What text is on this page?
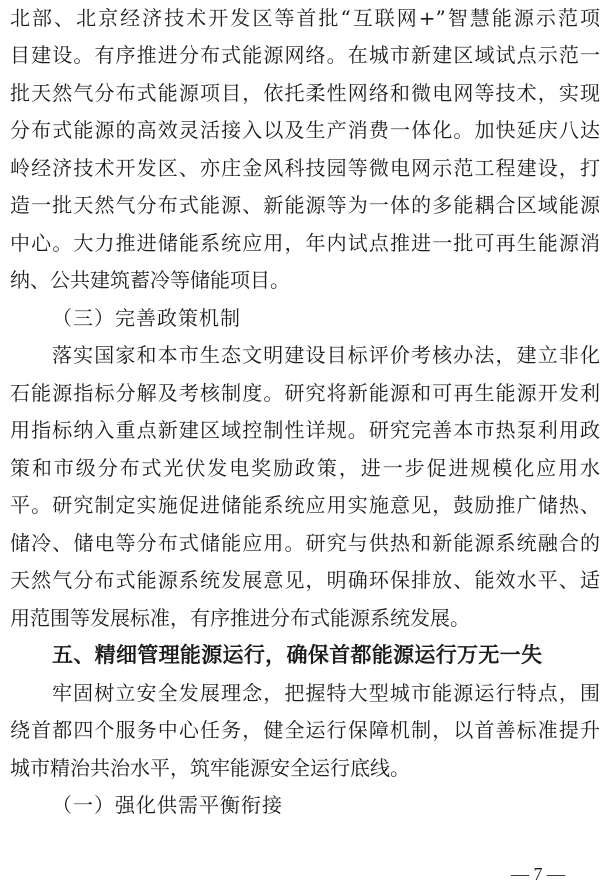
北部、北京经济技术开发区等首批“互联网+”智慧能源示范项
目建设。有序推进分布式能源网络。在城市新建区域试点示范一
批天然气分布式能源项目，依托柔性网络和微电网等技术，实现
分布式能源的高效灵活接入以及生产消费一体化。加快延庆八达
岭经济技术开发区、亦庄金风科技园等微电网示范工程建设，打
造一批天然气分布式能源、新能源等为一体的多能耦合区域能源
中心。大力推进储能系统应用，年内试点推进一批可再生能源消
纳、公共建筑蓄冷等储能项目。
（三）完善政策机制
落实国家和本市生态文明建设目标评价考核办法，建立非化
石能源指标分解及考核制度。研究将新能源和可再生能源开发利
用指标纳入重点新建区域控制性详规。研究完善本市热泵利用政
策和市级分布式光伏发电奖励政策，进一步促进规模化应用水
平。研究制定实施促进储能系统应用实施意见，鼓励推广储热、
储冷、储电等分布式储能应用。研究与供热和新能源系统融合的
天然气分布式能源系统发展意见，明确环保排放、能效水平、适
用范围等发展标准，有序推进分布式能源系统发展。
五、精细管理能源运行，确保首都能源运行万无一失
牢固树立安全发展理念，把握特大型城市能源运行特点，围
绕首都四个服务中心任务，健全运行保障机制，以首善标准提升
城市精治共治水平，筑牢能源安全运行底线。
（一）强化供需平衡衔接
— 7 —
